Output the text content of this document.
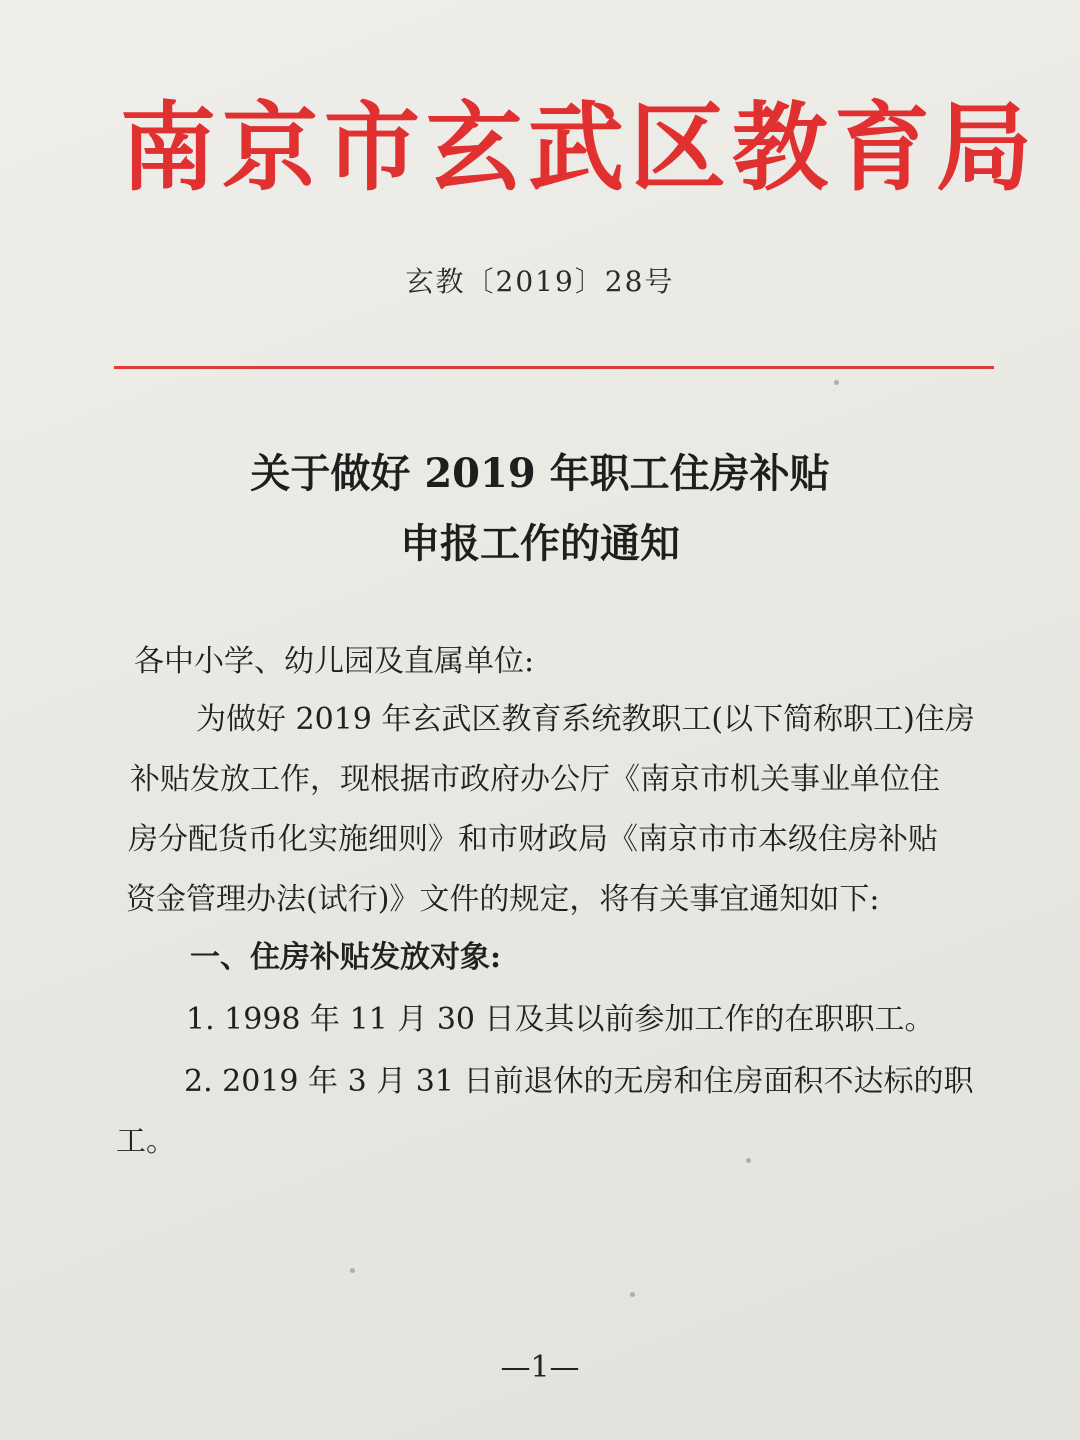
南京市玄武区教育局
玄教〔2019〕28号
关于做好 2019 年职工住房补贴
申报工作的通知
各中小学、幼儿园及直属单位:
为做好 2019 年玄武区教育系统教职工(以下简称职工)住房
补贴发放工作，现根据市政府办公厅《南京市机关事业单位住
房分配货币化实施细则》和市财政局《南京市市本级住房补贴
资金管理办法(试行)》文件的规定，将有关事宜通知如下:
一、住房补贴发放对象:
1. 1998 年 11 月 30 日及其以前参加工作的在职职工。
2. 2019 年 3 月 31 日前退休的无房和住房面积不达标的职
工。
—1—
